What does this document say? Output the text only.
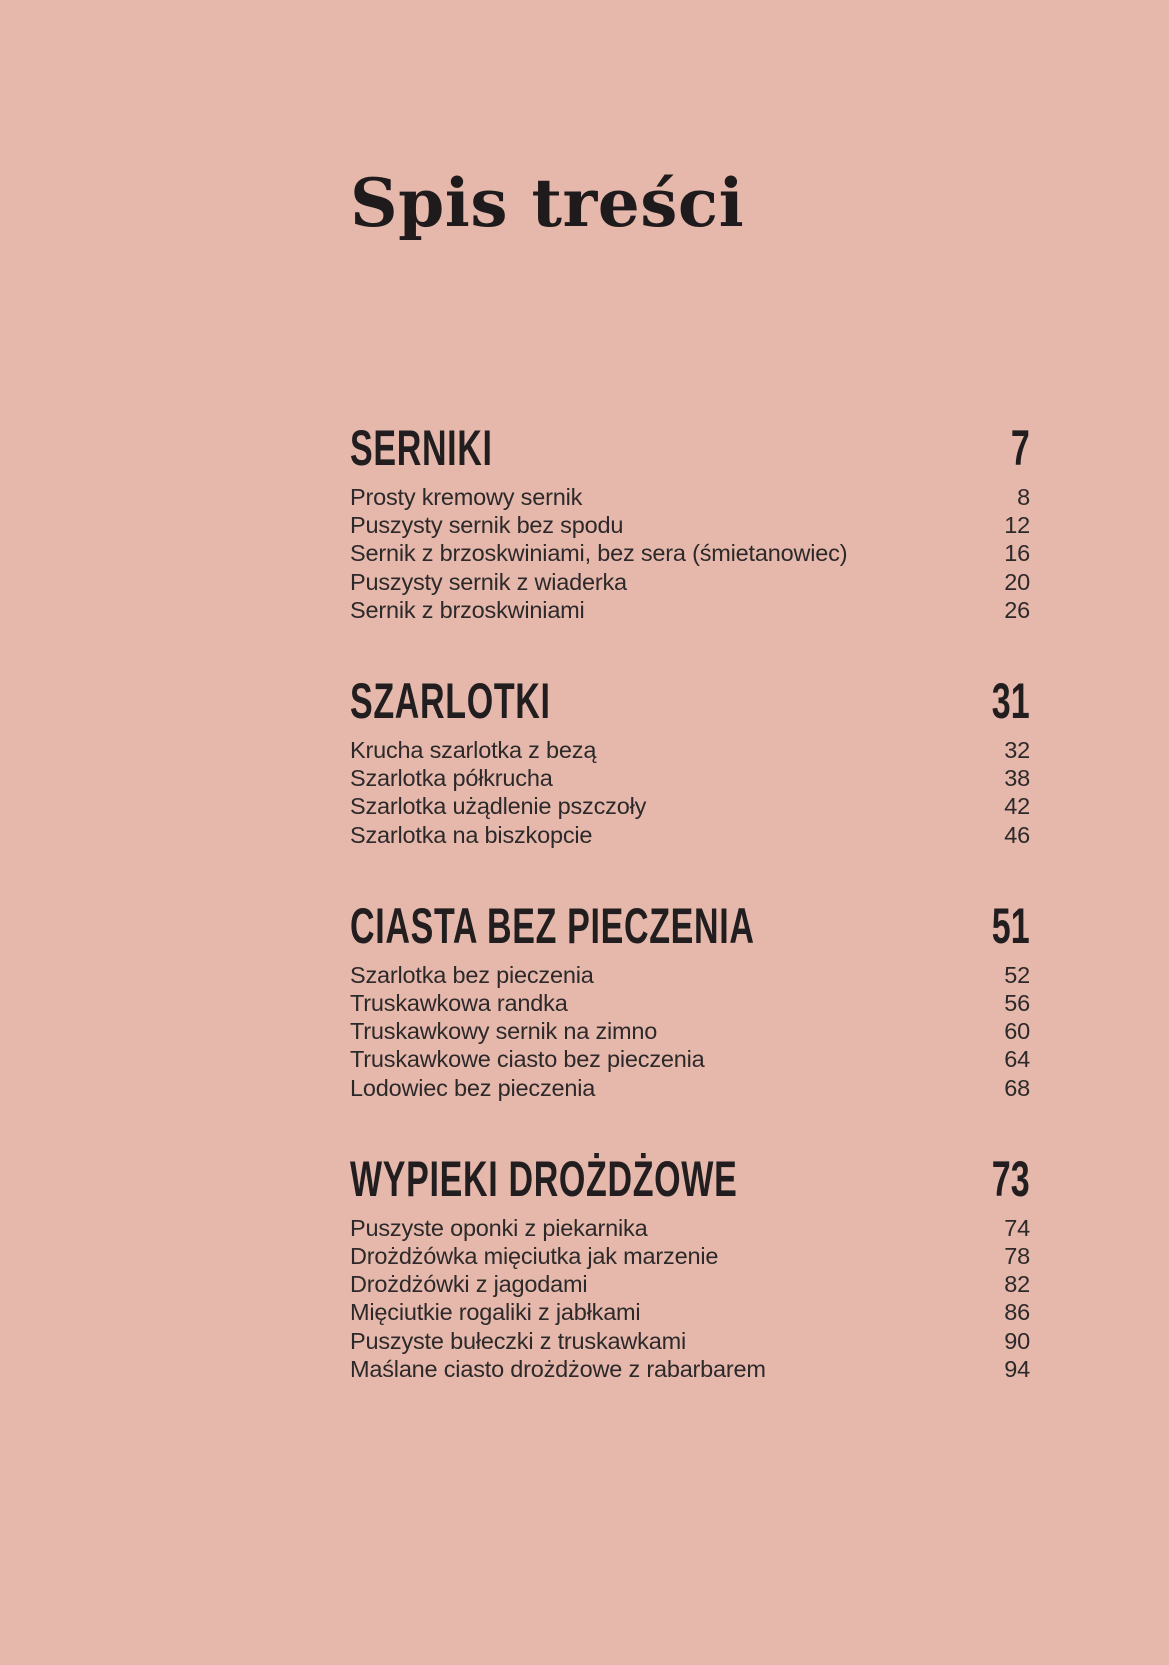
Spis treści
SERNIKI	7
Prosty kremowy sernik	8
Puszysty sernik bez spodu	12
Sernik z brzoskwiniami, bez sera (śmietanowiec)	16
Puszysty sernik z wiaderka	20
Sernik z brzoskwiniami	26
SZARLOTKI	31
Krucha szarlotka z bezą	32
Szarlotka półkrucha	38
Szarlotka użądlenie pszczoły	42
Szarlotka na biszkopcie	46
CIASTA BEZ PIECZENIA	51
Szarlotka bez pieczenia	52
Truskawkowa randka	56
Truskawkowy sernik na zimno	60
Truskawkowe ciasto bez pieczenia	64
Lodowiec bez pieczenia	68
WYPIEKI DROŻDŻOWE	73
Puszyste oponki z piekarnika	74
Drożdżówka mięciutka jak marzenie	78
Drożdżówki z jagodami	82
Mięciutkie rogaliki z jabłkami	86
Puszyste bułeczki z truskawkami	90
Maślane ciasto drożdżowe z rabarbarem	94
